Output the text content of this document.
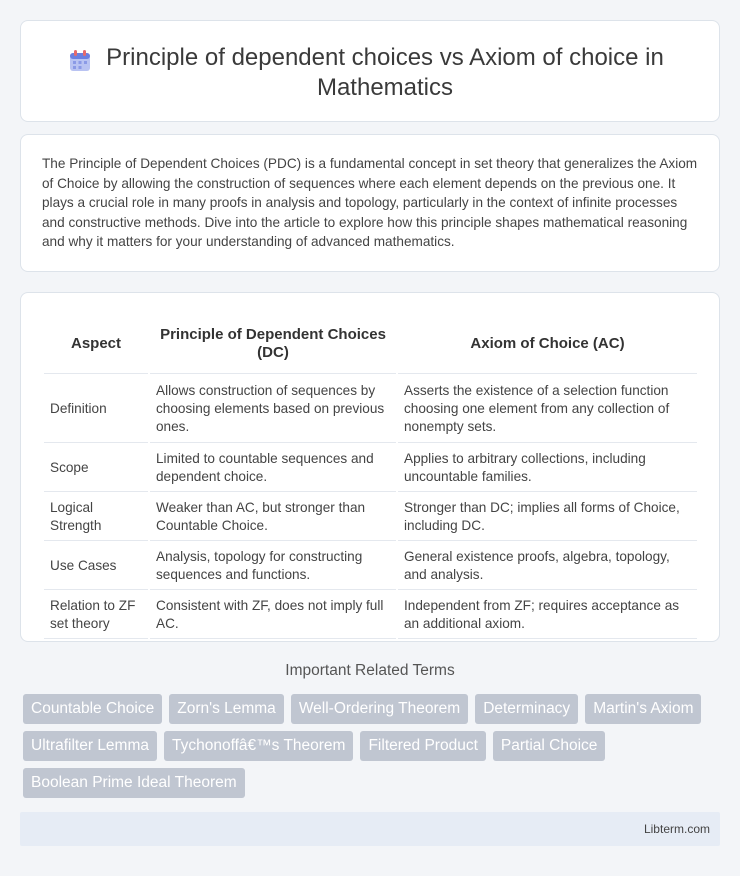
Principle of dependent choices vs Axiom of choice in Mathematics

The Principle of Dependent Choices (PDC) is a fundamental concept in set theory that generalizes the Axiom of Choice by allowing the construction of sequences where each element depends on the previous one. It plays a crucial role in many proofs in analysis and topology, particularly in the context of infinite processes and constructive methods. Dive into the article to explore how this principle shapes mathematical reasoning and why it matters for your understanding of advanced mathematics.

Aspect	Principle of Dependent Choices (DC)	Axiom of Choice (AC)
Definition	Allows construction of sequences by choosing elements based on previous ones.	Asserts the existence of a selection function choosing one element from any collection of nonempty sets.
Scope	Limited to countable sequences and dependent choice.	Applies to arbitrary collections, including uncountable families.
Logical Strength	Weaker than AC, but stronger than Countable Choice.	Stronger than DC; implies all forms of Choice, including DC.
Use Cases	Analysis, topology for constructing sequences and functions.	General existence proofs, algebra, topology, and analysis.
Relation to ZF set theory	Consistent with ZF, does not imply full AC.	Independent from ZF; requires acceptance as an additional axiom.
Important Related Terms
Countable Choice	Zorn's Lemma	Well-Ordering Theorem	Determinacy	Martin's Axiom
Ultrafilter Lemma	Tychonoffâ€™s Theorem	Filtered Product	Partial Choice
Boolean Prime Ideal Theorem
Libterm.com
